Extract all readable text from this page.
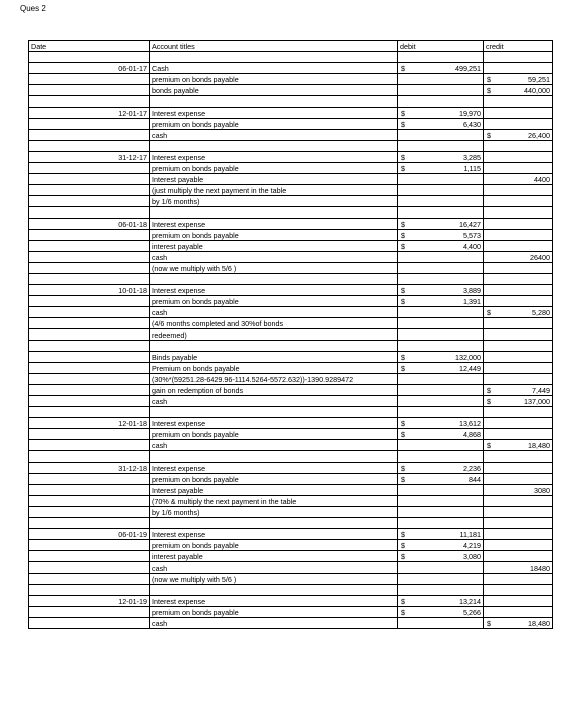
Ques 2
Date	Account titles	debit	credit

06-01-17	Cash	$ 499,251	

	premium on bonds payable		$ 59,251

	bonds payable		$ 440,000

12-01-17	Interest expense	$ 19,970	

	premium on bonds payable	$ 6,430	

	cash		$ 26,400

31-12-17	Interest expense	$ 3,285	

	premium on bonds payable	$ 1,115	

	Interest payable		4400

	(just multiply the next payment in the table		
	by 1/6 months)		

06-01-18	Interest expense	$ 16,427	

	premium on bonds payable	$ 5,573	

	interest payable	$ 4,400	

	cash		26400

	(now we multiply with 5/6 )		

10-01-18	Interest expense	$ 3,889	

	premium on bonds payable	$ 1,391	

	cash		$ 5,280

	(4/6 months completed and 30%of bonds		
	redeemed)		

	Binds payable	$ 132,000	

	Premium on bonds payable	$ 12,449	

	(30%*(59251.28-6429.96-1114.5264-5572.632))-1390.9289472		
	gain on redemption of bonds		$ 7,449

	cash		$ 137,000

12-01-18	Interest expense	$ 13,612	

	premium on bonds payable	$ 4,868	

	cash		$ 18,480

31-12-18	Interest expense	$ 2,236	

	premium on bonds payable	$ 844	

	Interest payable		3080

	(70% & multiply the next payment in the table		
	by 1/6 months)		

06-01-19	Interest expense	$ 11,181	

	premium on bonds payable	$ 4,219	

	interest payable	$ 3,080	

	cash		18480

	(now we multiply with 5/6 )		

12-01-19	Interest expense	$ 13,214	

	premium on bonds payable	$ 5,266	

	cash		$ 18,480
